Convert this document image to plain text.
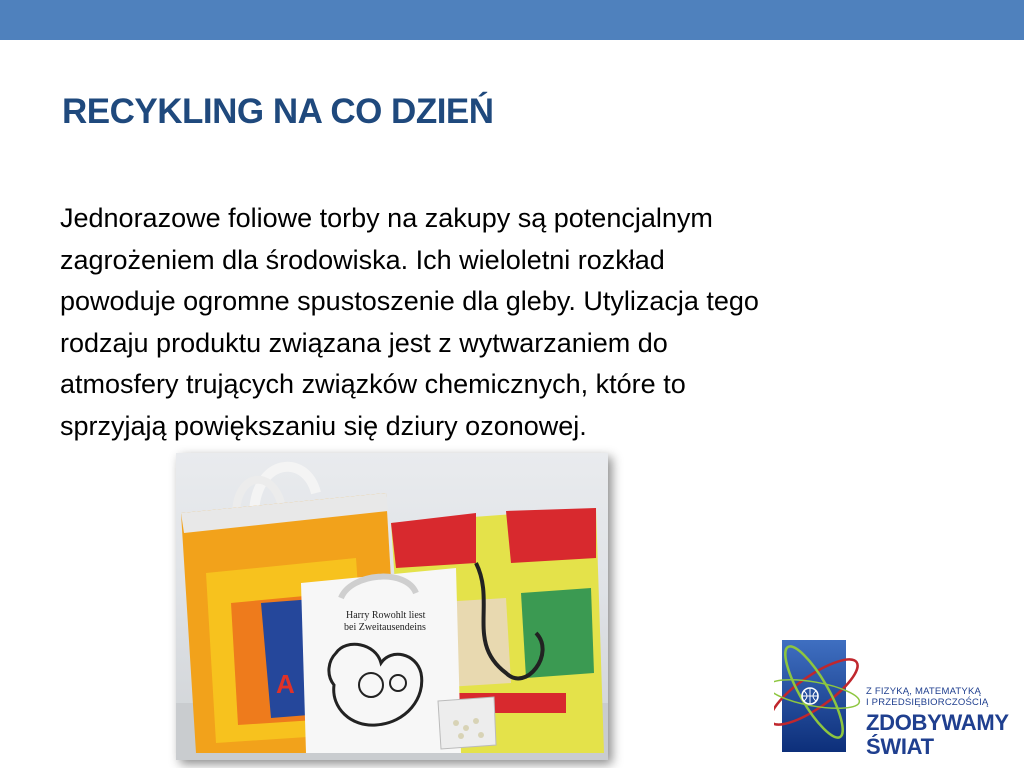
RECYKLING NA CO DZIEŃ

Jednorazowe foliowe torby na zakupy są potencjalnym
zagrożeniem dla środowiska. Ich wieloletni rozkład
powoduje ogromne spustoszenie dla gleby. Utylizacja tego
rodzaju produktu związana jest z wytwarzaniem do
atmosfery trujących związków chemicznych, które to
sprzyjają powiększaniu się dziury ozonowej.

A
Harry Rowohlt liest
bei Zweitausendeins
Z FIZYKĄ, MATEMATYKĄ
I PRZEDSIĘBIORCZOŚCIĄ
ZDOBYWAMY
ŚWIAT
